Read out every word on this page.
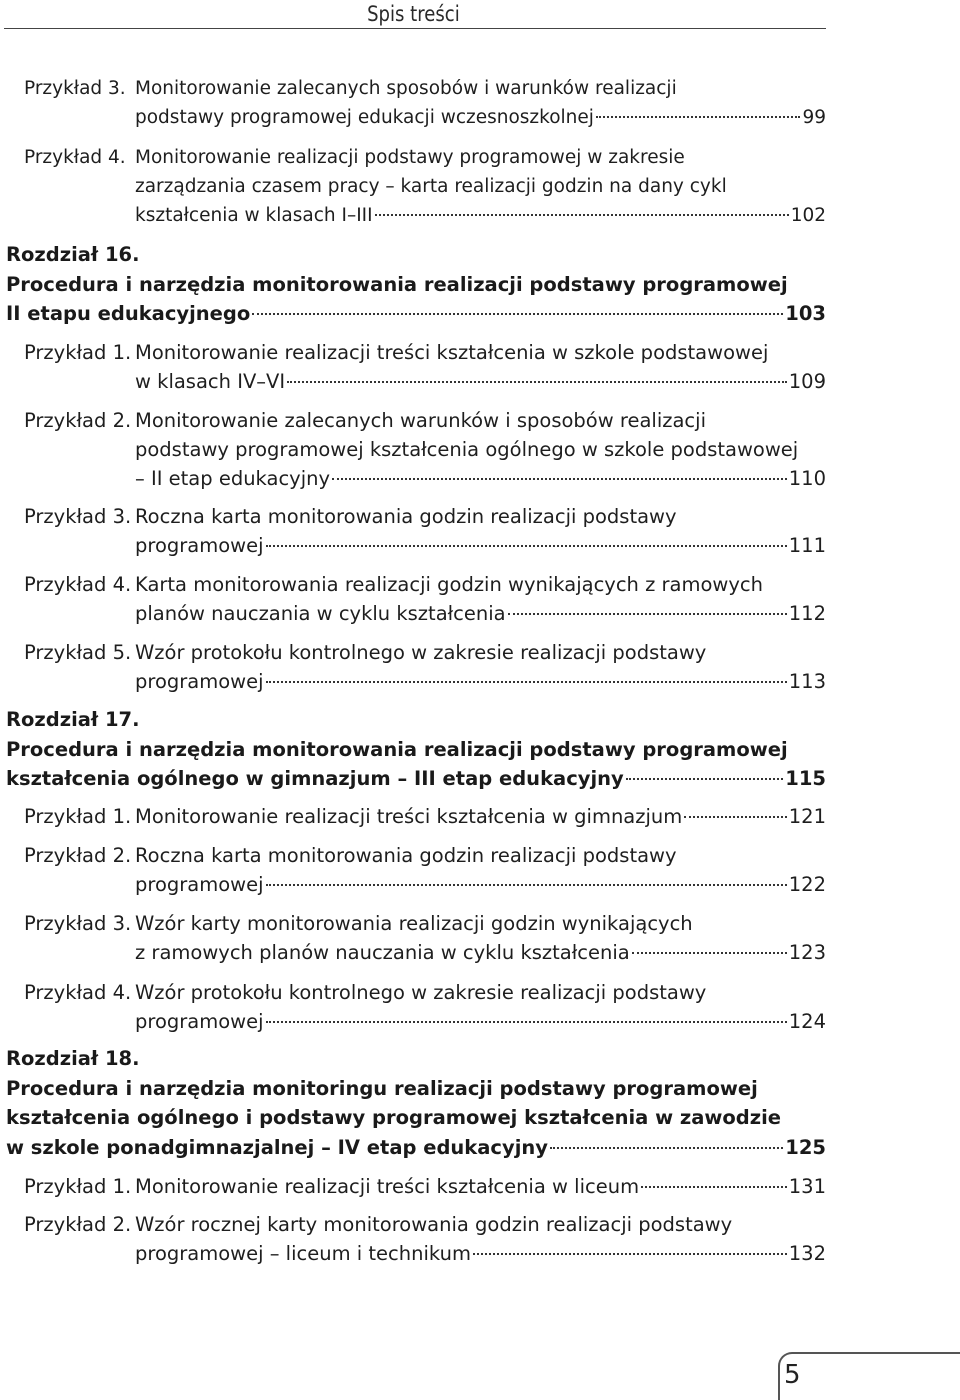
Spis treści
Przykład 3. Monitorowanie zalecanych sposobów i warunków realizacji
podstawy programowej edukacji wczesnoszkolnej	99
Przykład 4. Monitorowanie realizacji podstawy programowej w zakresie
zarządzania czasem pracy – karta realizacji godzin na dany cykl
kształcenia w klasach I–III	102
Rozdział 16.
Procedura i narzędzia monitorowania realizacji podstawy programowej
II etapu edukacyjnego	103
Przykład 1. Monitorowanie realizacji treści kształcenia w szkole podstawowej
w klasach IV–VI	109
Przykład 2. Monitorowanie zalecanych warunków i sposobów realizacji
podstawy programowej kształcenia ogólnego w szkole podstawowej
– II etap edukacyjny	110
Przykład 3. Roczna karta monitorowania godzin realizacji podstawy
programowej	111
Przykład 4. Karta monitorowania realizacji godzin wynikających z ramowych
planów nauczania w cyklu kształcenia	112
Przykład 5. Wzór protokołu kontrolnego w zakresie realizacji podstawy
programowej	113
Rozdział 17.
Procedura i narzędzia monitorowania realizacji podstawy programowej
kształcenia ogólnego w gimnazjum – III etap edukacyjny	115
Przykład 1. Monitorowanie realizacji treści kształcenia w gimnazjum	121
Przykład 2. Roczna karta monitorowania godzin realizacji podstawy
programowej	122
Przykład 3. Wzór karty monitorowania realizacji godzin wynikających
z ramowych planów nauczania w cyklu kształcenia	123
Przykład 4. Wzór protokołu kontrolnego w zakresie realizacji podstawy
programowej	124
Rozdział 18.
Procedura i narzędzia monitoringu realizacji podstawy programowej
kształcenia ogólnego i podstawy programowej kształcenia w zawodzie
w szkole ponadgimnazjalnej – IV etap edukacyjny	125
Przykład 1. Monitorowanie realizacji treści kształcenia w liceum	131
Przykład 2. Wzór rocznej karty monitorowania godzin realizacji podstawy
programowej – liceum i technikum	132
5
